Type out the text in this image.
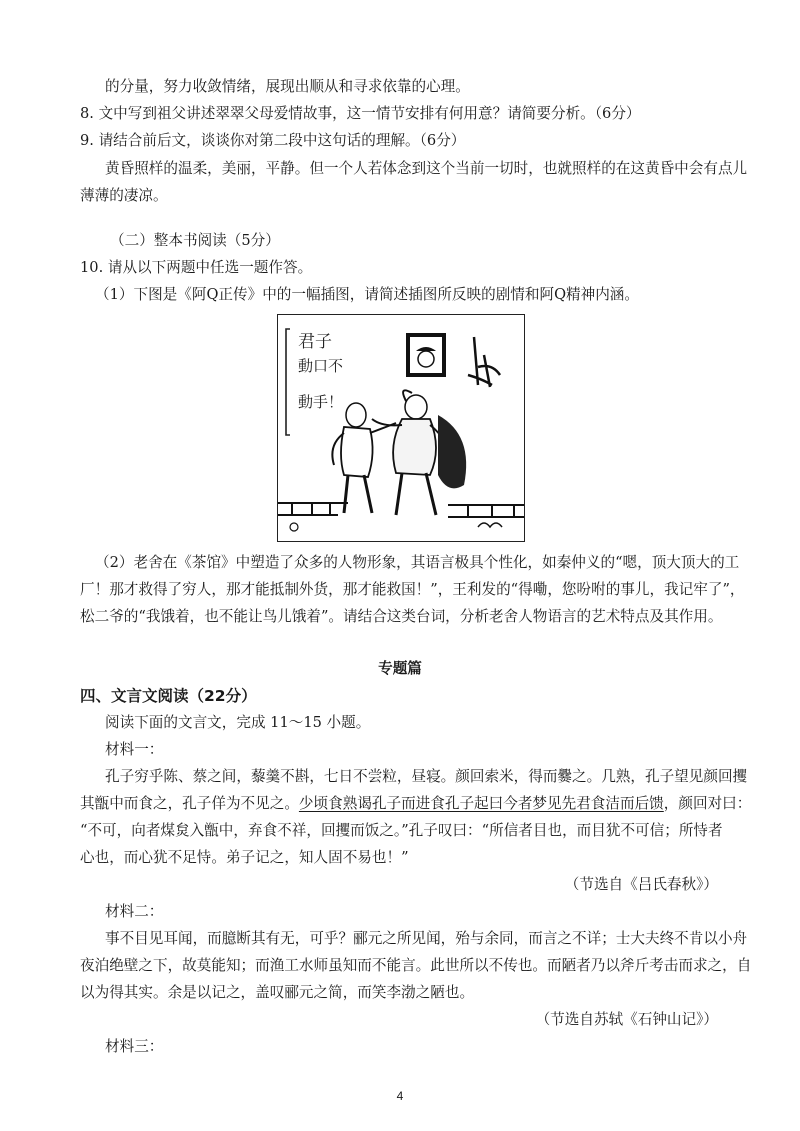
的分量，努力收敛情绪，展现出顺从和寻求依靠的心理。
8. 文中写到祖父讲述翠翠父母爱情故事，这一情节安排有何用意？请简要分析。（6分）
9. 请结合前后文，谈谈你对第二段中这句话的理解。（6分）
黄昏照样的温柔，美丽，平静。但一个人若体念到这个当前一切时，也就照样的在这黄昏中会有点儿
薄薄的凄凉。
（二）整本书阅读（5分）
10. 请从以下两题中任选一题作答。
（1）下图是《阿Q正传》中的一幅插图，请简述插图所反映的剧情和阿Q精神内涵。
君子
動口不
動手！
（2）老舍在《茶馆》中塑造了众多的人物形象，其语言极具个性化，如秦仲义的“嗯，顶大顶大的工
厂！那才救得了穷人，那才能抵制外货，那才能救国！”，王利发的“得嘞，您吩咐的事儿，我记牢了”，
松二爷的“我饿着，也不能让鸟儿饿着”。请结合这类台词，分析老舍人物语言的艺术特点及其作用。
专题篇
四、文言文阅读（22分）
阅读下面的文言文，完成 11～15 小题。
材料一：
孔子穷乎陈、蔡之间，藜羹不斟，七日不尝粒，昼寝。颜回索米，得而爨之。几熟，孔子望见颜回攫
其甑中而食之，孔子佯为不见之。少顷食熟谒孔子而进食孔子起曰今者梦见先君食洁而后馈，颜回对曰：
“不可，向者煤炱入甑中，弃食不祥，回攫而饭之。”孔子叹曰：“所信者目也，而目犹不可信；所恃者
心也，而心犹不足恃。弟子记之，知人固不易也！”
（节选自《吕氏春秋》）
材料二：
事不目见耳闻，而臆断其有无，可乎？郦元之所见闻，殆与余同，而言之不详；士大夫终不肯以小舟
夜泊绝壁之下，故莫能知；而渔工水师虽知而不能言。此世所以不传也。而陋者乃以斧斤考击而求之，自
以为得其实。余是以记之，盖叹郦元之简，而笑李渤之陋也。
（节选自苏轼《石钟山记》）
材料三：
4
